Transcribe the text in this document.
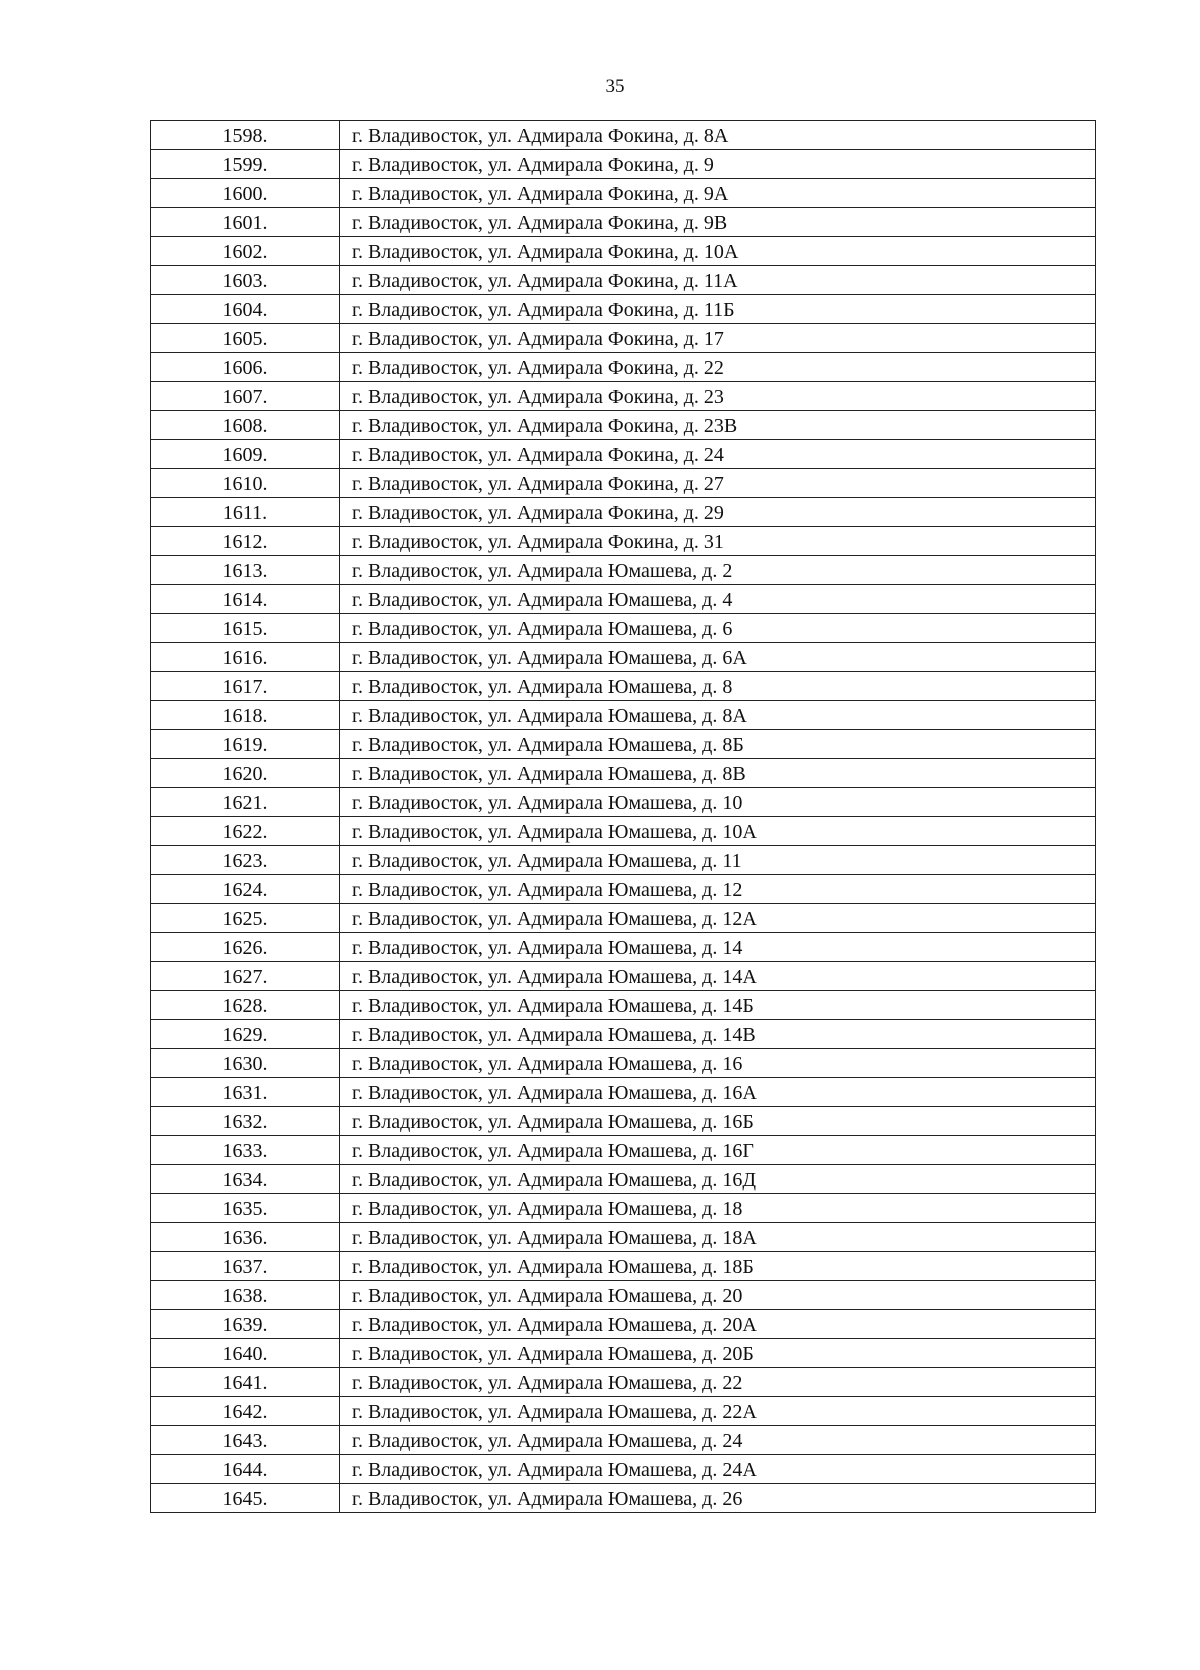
35
1598.	г. Владивосток, ул. Адмирала Фокина, д. 8А
1599.	г. Владивосток, ул. Адмирала Фокина, д. 9
1600.	г. Владивосток, ул. Адмирала Фокина, д. 9А
1601.	г. Владивосток, ул. Адмирала Фокина, д. 9В
1602.	г. Владивосток, ул. Адмирала Фокина, д. 10А
1603.	г. Владивосток, ул. Адмирала Фокина, д. 11А
1604.	г. Владивосток, ул. Адмирала Фокина, д. 11Б
1605.	г. Владивосток, ул. Адмирала Фокина, д. 17
1606.	г. Владивосток, ул. Адмирала Фокина, д. 22
1607.	г. Владивосток, ул. Адмирала Фокина, д. 23
1608.	г. Владивосток, ул. Адмирала Фокина, д. 23В
1609.	г. Владивосток, ул. Адмирала Фокина, д. 24
1610.	г. Владивосток, ул. Адмирала Фокина, д. 27
1611.	г. Владивосток, ул. Адмирала Фокина, д. 29
1612.	г. Владивосток, ул. Адмирала Фокина, д. 31
1613.	г. Владивосток, ул. Адмирала Юмашева, д. 2
1614.	г. Владивосток, ул. Адмирала Юмашева, д. 4
1615.	г. Владивосток, ул. Адмирала Юмашева, д. 6
1616.	г. Владивосток, ул. Адмирала Юмашева, д. 6А
1617.	г. Владивосток, ул. Адмирала Юмашева, д. 8
1618.	г. Владивосток, ул. Адмирала Юмашева, д. 8А
1619.	г. Владивосток, ул. Адмирала Юмашева, д. 8Б
1620.	г. Владивосток, ул. Адмирала Юмашева, д. 8В
1621.	г. Владивосток, ул. Адмирала Юмашева, д. 10
1622.	г. Владивосток, ул. Адмирала Юмашева, д. 10А
1623.	г. Владивосток, ул. Адмирала Юмашева, д. 11
1624.	г. Владивосток, ул. Адмирала Юмашева, д. 12
1625.	г. Владивосток, ул. Адмирала Юмашева, д. 12А
1626.	г. Владивосток, ул. Адмирала Юмашева, д. 14
1627.	г. Владивосток, ул. Адмирала Юмашева, д. 14А
1628.	г. Владивосток, ул. Адмирала Юмашева, д. 14Б
1629.	г. Владивосток, ул. Адмирала Юмашева, д. 14В
1630.	г. Владивосток, ул. Адмирала Юмашева, д. 16
1631.	г. Владивосток, ул. Адмирала Юмашева, д. 16А
1632.	г. Владивосток, ул. Адмирала Юмашева, д. 16Б
1633.	г. Владивосток, ул. Адмирала Юмашева, д. 16Г
1634.	г. Владивосток, ул. Адмирала Юмашева, д. 16Д
1635.	г. Владивосток, ул. Адмирала Юмашева, д. 18
1636.	г. Владивосток, ул. Адмирала Юмашева, д. 18А
1637.	г. Владивосток, ул. Адмирала Юмашева, д. 18Б
1638.	г. Владивосток, ул. Адмирала Юмашева, д. 20
1639.	г. Владивосток, ул. Адмирала Юмашева, д. 20А
1640.	г. Владивосток, ул. Адмирала Юмашева, д. 20Б
1641.	г. Владивосток, ул. Адмирала Юмашева, д. 22
1642.	г. Владивосток, ул. Адмирала Юмашева, д. 22А
1643.	г. Владивосток, ул. Адмирала Юмашева, д. 24
1644.	г. Владивосток, ул. Адмирала Юмашева, д. 24А
1645.	г. Владивосток, ул. Адмирала Юмашева, д. 26
